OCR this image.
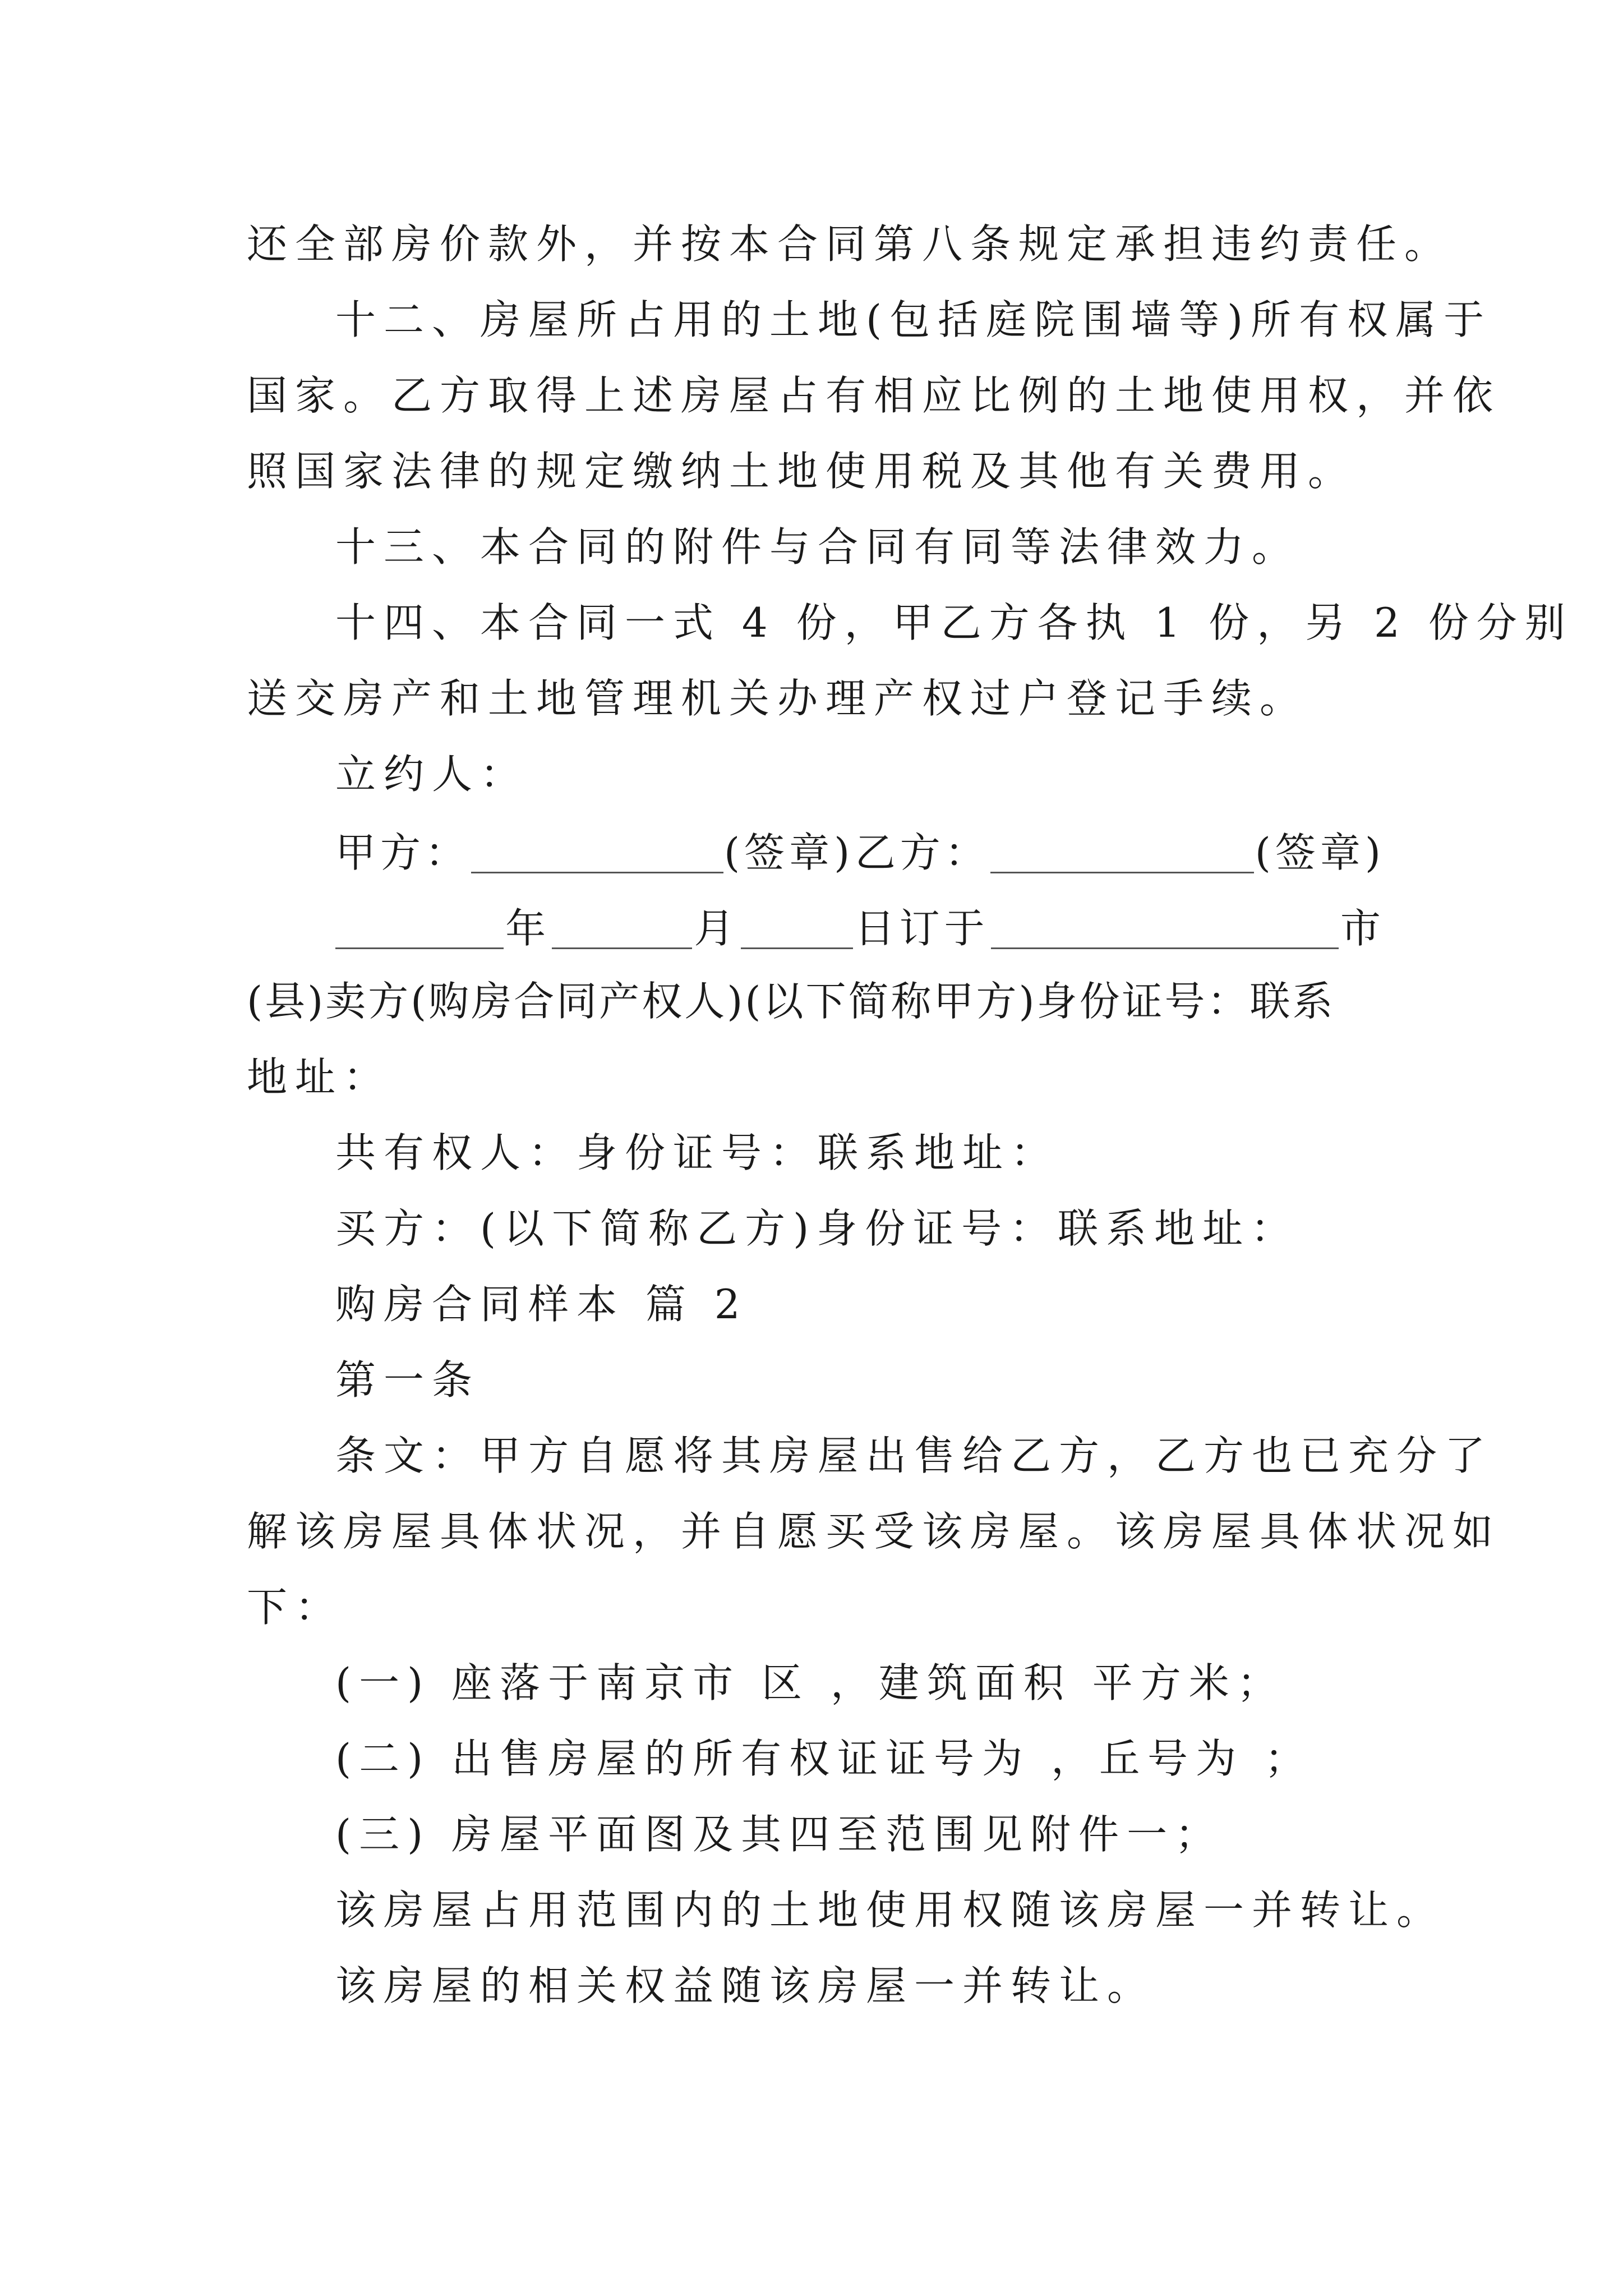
还全部房价款外，并按本合同第八条规定承担违约责任。
十二、房屋所占用的土地(包括庭院围墙等)所有权属于
国家。乙方取得上述房屋占有相应比例的土地使用权，并依
照国家法律的规定缴纳土地使用税及其他有关费用。
十三、本合同的附件与合同有同等法律效力。
十四、本合同一式 4 份，甲乙方各执 1 份，另 2 份分别
送交房产和土地管理机关办理产权过户登记手续。
立约人：
甲方：	(签章) 乙方：	(签章)
年	月	日订于	市
(县)卖方(购房合同产权人)(以下简称甲方)身份证号：联系
地址：
共有权人：身份证号：联系地址：
买方：(以下简称乙方)身份证号：联系地址：
购房合同样本 篇 2
第一条
条文：甲方自愿将其房屋出售给乙方，乙方也已充分了
解该房屋具体状况，并自愿买受该房屋。该房屋具体状况如
下：
(一) 座落于南京市 区 ，建筑面积 平方米；
(二) 出售房屋的所有权证证号为 ，丘号为 ；
(三) 房屋平面图及其四至范围见附件一；
该房屋占用范围内的土地使用权随该房屋一并转让。
该房屋的相关权益随该房屋一并转让。
